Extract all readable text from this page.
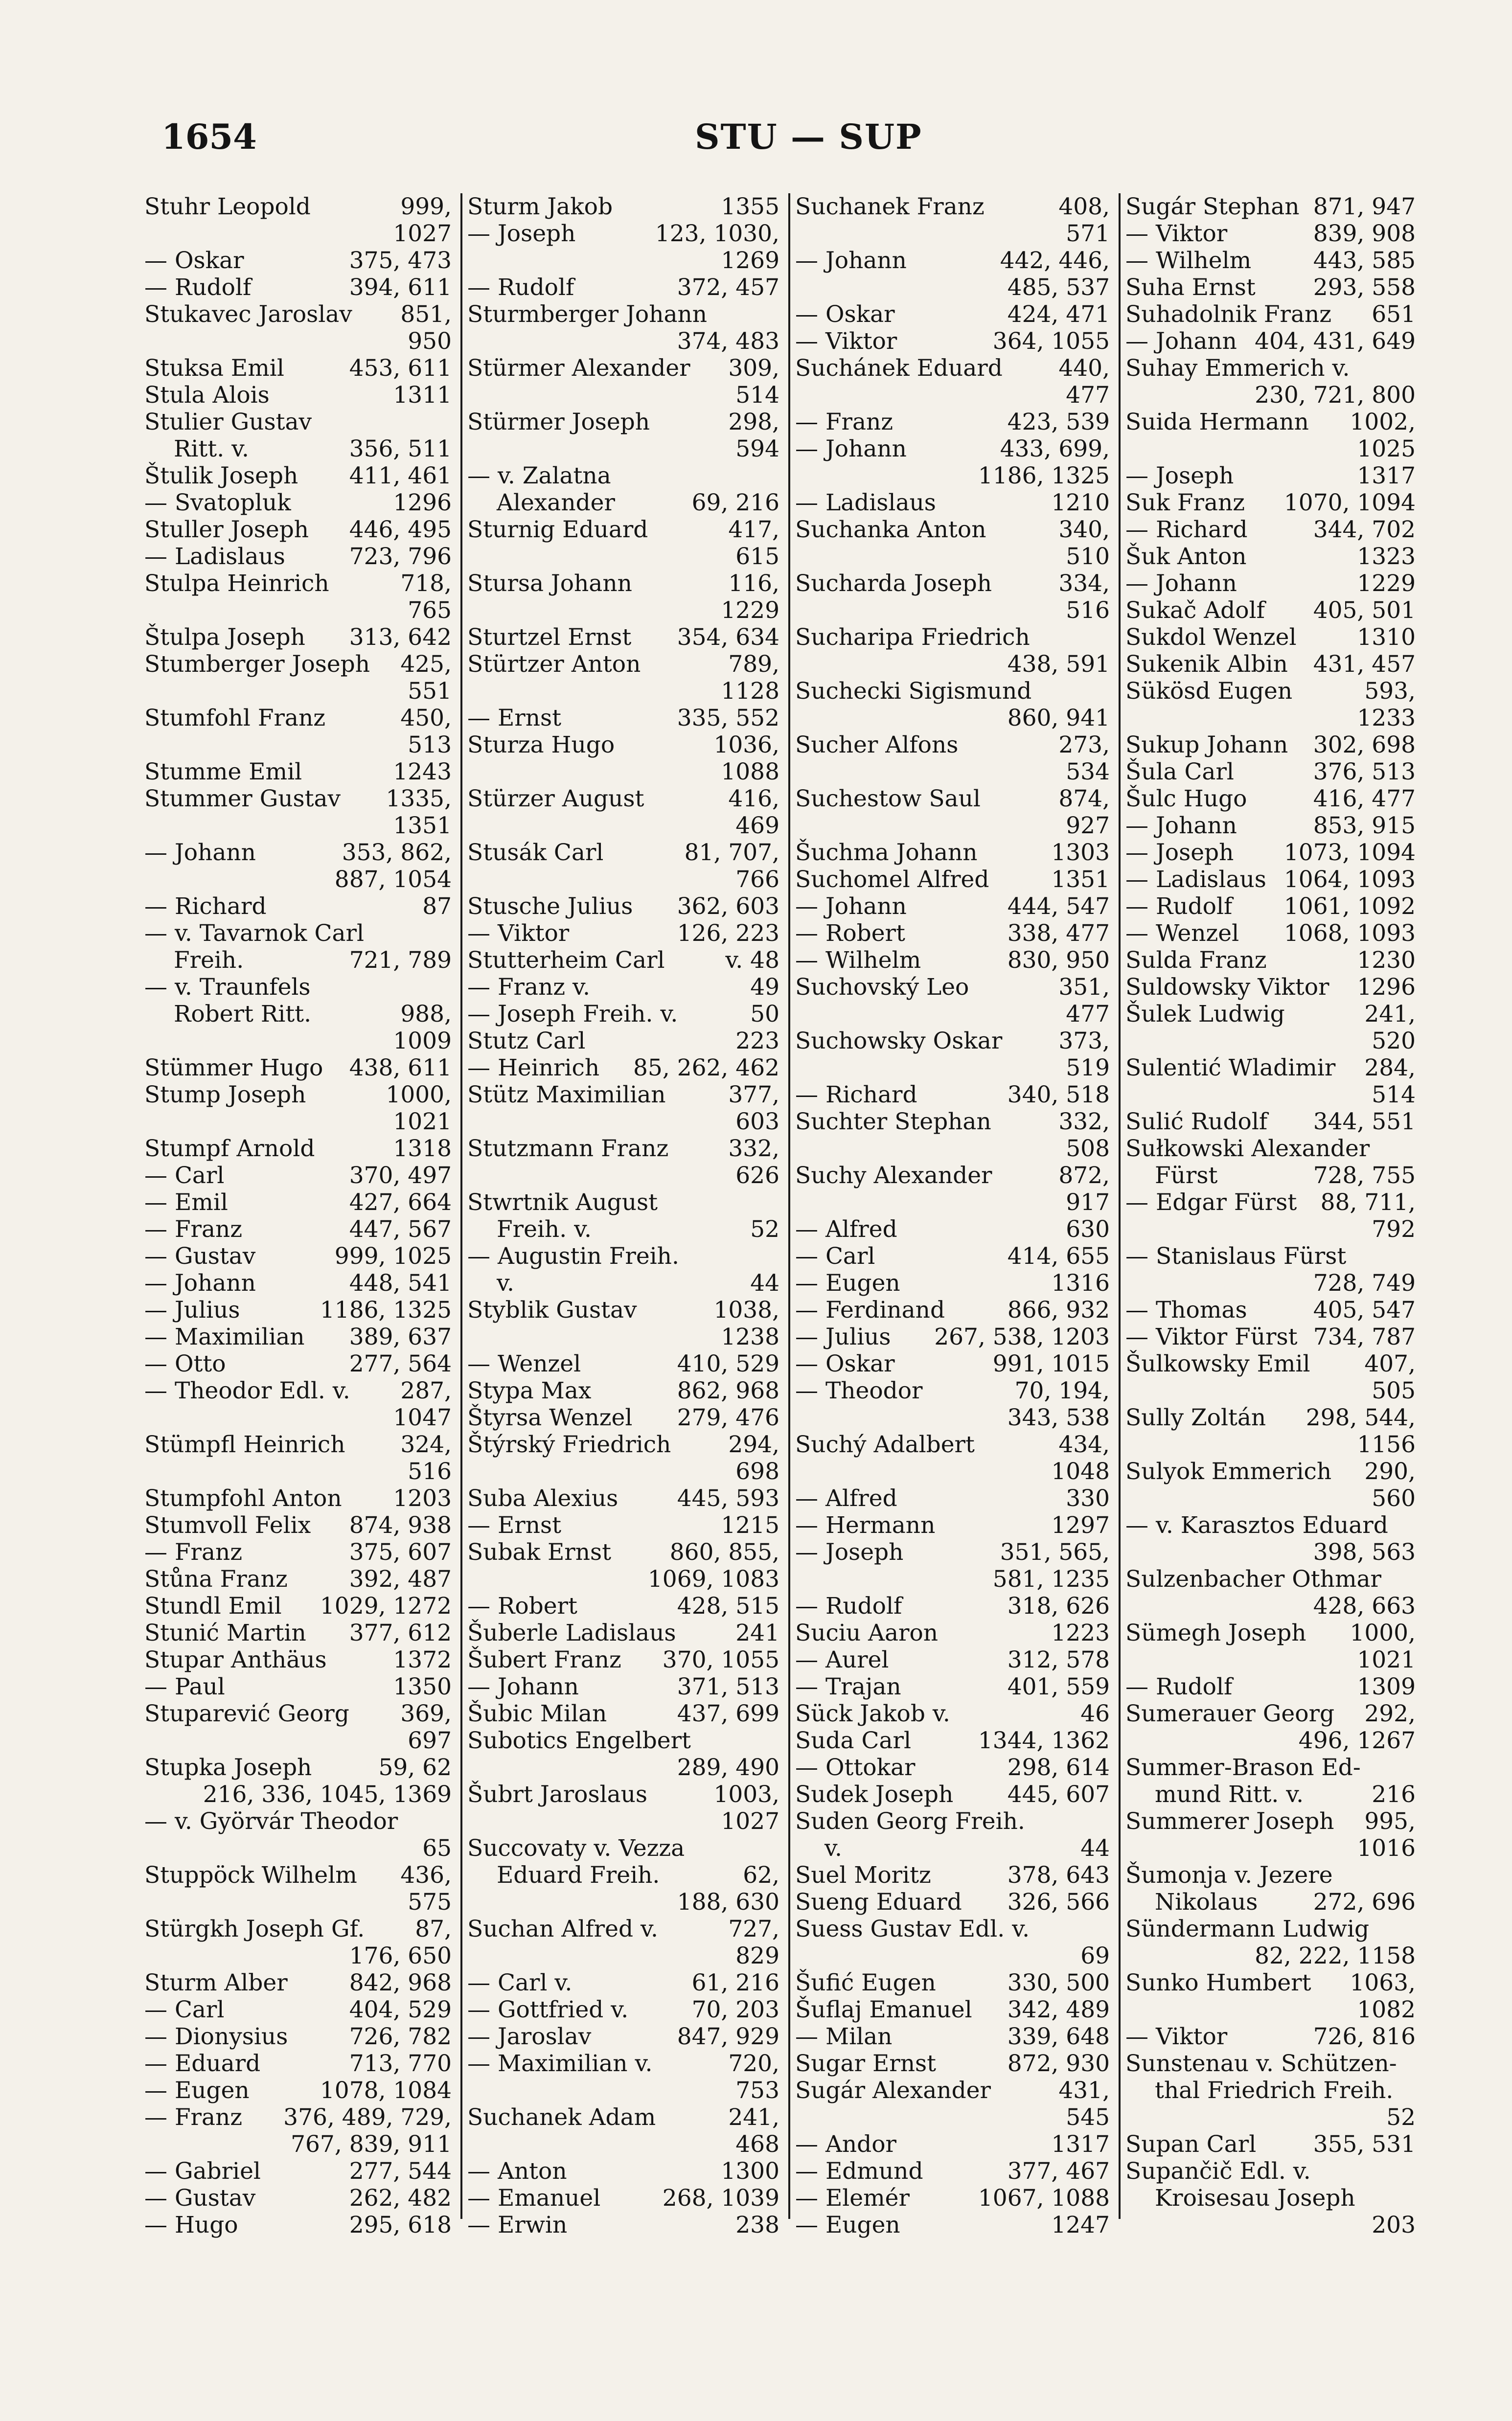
1654	STU — SUP
Stuhr Leopold	999,
1027
— Oskar	375, 473
— Rudolf	394, 611
Stukavec Jaroslav 851,
950
Stuksa Emil	453, 611
Stula Alois	1311
Stulier Gustav
Ritt. v.	356, 511
Štulik Joseph 411, 461
— Svatopluk	1296
Stuller Joseph 446, 495
— Ladislaus	723, 796
Stulpa Heinrich	718,
765
Štulpa Joseph 313, 642
Stumberger Joseph 425,
551
Stumfohl Franz	450,
513
Stumme Emil	1243
Stummer Gustav 1335,
1351
— Johann	353, 862,
887, 1054
— Richard	87
— v. Tavarnok Carl
Freih.	721, 789
— v. Traunfels
Robert Ritt.	988,
1009
Stümmer Hugo 438, 611
Stump Joseph	1000,
1021
Stumpf Arnold	1318
— Carl	370, 497
— Emil	427, 664
— Franz	447, 567
— Gustav	999, 1025
— Johann	448, 541
— Julius	1186, 1325
— Maximilian 389, 637
— Otto	277, 564
— Theodor Edl. v. 287,
1047
Stümpfl Heinrich 324,
516
Stumpfohl Anton 1203
Stumvoll Felix 874, 938
— Franz	375, 607
Stůna Franz	392, 487
Stundl Emil 1029, 1272
Stunić Martin 377, 612
Stupar Anthäus	1372
— Paul	1350
Stuparević Georg 369,
697
Stupka Joseph	59, 62
216, 336, 1045, 1369
— v. Györvár Theodor
65
Stuppöck Wilhelm 436,
575
Stürgkh Joseph Gf. 87,
176, 650
Sturm Alber	842, 968
— Carl	404, 529
— Dionysius	726, 782
— Eduard	713, 770
— Eugen	1078, 1084
— Franz 376, 489, 729,
767, 839, 911
— Gabriel	277, 544
— Gustav	262, 482
— Hugo	295, 618
Sturm Jakob	1355
— Joseph	123, 1030,
1269
— Rudolf	372, 457
Sturmberger Johann
374, 483
Stürmer Alexander 309,
514
Stürmer Joseph	298,
594
— v. Zalatna
Alexander	69, 216
Sturnig Eduard	417,
615
Stursa Johann	116,
1229
Sturtzel Ernst 354, 634
Stürtzer Anton	789,
1128
— Ernst	335, 552
Sturza Hugo	1036,
1088
Stürzer August	416,
469
Stusák Carl	81, 707,
766
Stusche Julius 362, 603
— Viktor	126, 223
Stutterheim Carl	v. 48
— Franz v.	49
— Joseph Freih. v.	50
Stutz Carl	223
— Heinrich 85, 262, 462
Stütz Maximilian	377,
603
Stutzmann Franz	332,
626
Stwrtnik August
Freih. v.	52
— Augustin Freih.
v.	44
Styblik Gustav	1038,
1238
— Wenzel	410, 529
Stypa Max	862, 968
Štyrsa Wenzel 279, 476
Štýrský Friedrich 294,
698
Suba Alexius	445, 593
— Ernst	1215
Subak Ernst	860, 855,
1069, 1083
— Robert	428, 515
Šuberle Ladislaus	241
Šubert Franz 370, 1055
— Johann	371, 513
Šubic Milan	437, 699
Subotics Engelbert
289, 490
Šubrt Jaroslaus	1003,
1027
Succovaty v. Vezza
Eduard Freih.	62,
188, 630
Suchan Alfred v.	727,
829
— Carl v.	61, 216
— Gottfried v.	70, 203
— Jaroslav	847, 929
— Maximilian v.	720,
753
Suchanek Adam	241,
468
— Anton	1300
— Emanuel	268, 1039
— Erwin	238
Suchanek Franz	408,
571
— Johann	442, 446,
485, 537
— Oskar	424, 471
— Viktor	364, 1055
Suchánek Eduard 440,
477
— Franz	423, 539
— Johann	433, 699,
1186, 1325
— Ladislaus	1210
Suchanka Anton	340,
510
Sucharda Joseph	334,
516
Sucharipa Friedrich
438, 591
Suchecki Sigismund
860, 941
Sucher Alfons	273,
534
Suchestow Saul	874,
927
Šuchma Johann	1303
Suchomel Alfred	1351
— Johann	444, 547
— Robert	338, 477
— Wilhelm	830, 950
Suchovský Leo	351,
477
Suchowsky Oskar 373,
519
— Richard	340, 518
Suchter Stephan	332,
508
Suchy Alexander	872,
917
— Alfred	630
— Carl	414, 655
— Eugen	1316
— Ferdinand	866, 932
— Julius 267, 538, 1203
— Oskar	991, 1015
— Theodor	70, 194,
343, 538
Suchý Adalbert	434,
1048
— Alfred	330
— Hermann	1297
— Joseph	351, 565,
581, 1235
— Rudolf	318, 626
Suciu Aaron	1223
— Aurel	312, 578
— Trajan	401, 559
Sück Jakob v.	46
Suda Carl	1344, 1362
— Ottokar	298, 614
Sudek Joseph 445, 607
Suden Georg Freih.
v.	44
Suel Moritz	378, 643
Sueng Eduard 326, 566
Suess Gustav Edl. v.
69
Šufić Eugen	330, 500
Šuflaj Emanuel 342, 489
— Milan	339, 648
Sugar Ernst	872, 930
Sugár Alexander	431,
545
— Andor	1317
— Edmund	377, 467
— Elemér	1067, 1088
— Eugen	1247
Sugár Stephan 871, 947
— Viktor	839, 908
— Wilhelm	443, 585
Suha Ernst	293, 558
Suhadolnik Franz 651
— Johann 404, 431, 649
Suhay Emmerich v.
230, 721, 800
Suida Hermann 1002,
1025
— Joseph	1317
Suk Franz 1070, 1094
— Richard	344, 702
Šuk Anton	1323
— Johann	1229
Sukač Adolf 405, 501
Sukdol Wenzel	1310
Sukenik Albin 431, 457
Sükösd Eugen	593,
1233
Sukup Johann 302, 698
Šula Carl	376, 513
Šulc Hugo	416, 477
— Johann	853, 915
— Joseph 1073, 1094
— Ladislaus 1064, 1093
— Rudolf 1061, 1092
— Wenzel 1068, 1093
Sulda Franz	1230
Suldowsky Viktor 1296
Šulek Ludwig	241,
520
Sulentić Wladimir 284,
514
Sulić Rudolf 344, 551
Sułkowski Alexander
Fürst	728, 755
— Edgar Fürst 88, 711,
792
— Stanislaus Fürst
728, 749
— Thomas	405, 547
— Viktor Fürst 734, 787
Šulkowsky Emil 407,
505
Sully Zoltán 298, 544,
1156
Sulyok Emmerich 290,
560
— v. Karasztos Eduard
398, 563
Sulzenbacher Othmar
428, 663
Sümegh Joseph 1000,
1021
— Rudolf	1309
Sumerauer Georg 292,
496, 1267
Summer-Brason Ed-
mund Ritt. v.	216
Summerer Joseph 995,
1016
Šumonja v. Jezere
Nikolaus 272, 696
Sündermann Ludwig
82, 222, 1158
Sunko Humbert 1063,
1082
— Viktor	726, 816
Sunstenau v. Schützen-
thal Friedrich Freih.
52
Supan Carl 355, 531
Supančič Edl. v.
Kroisesau Joseph
203
